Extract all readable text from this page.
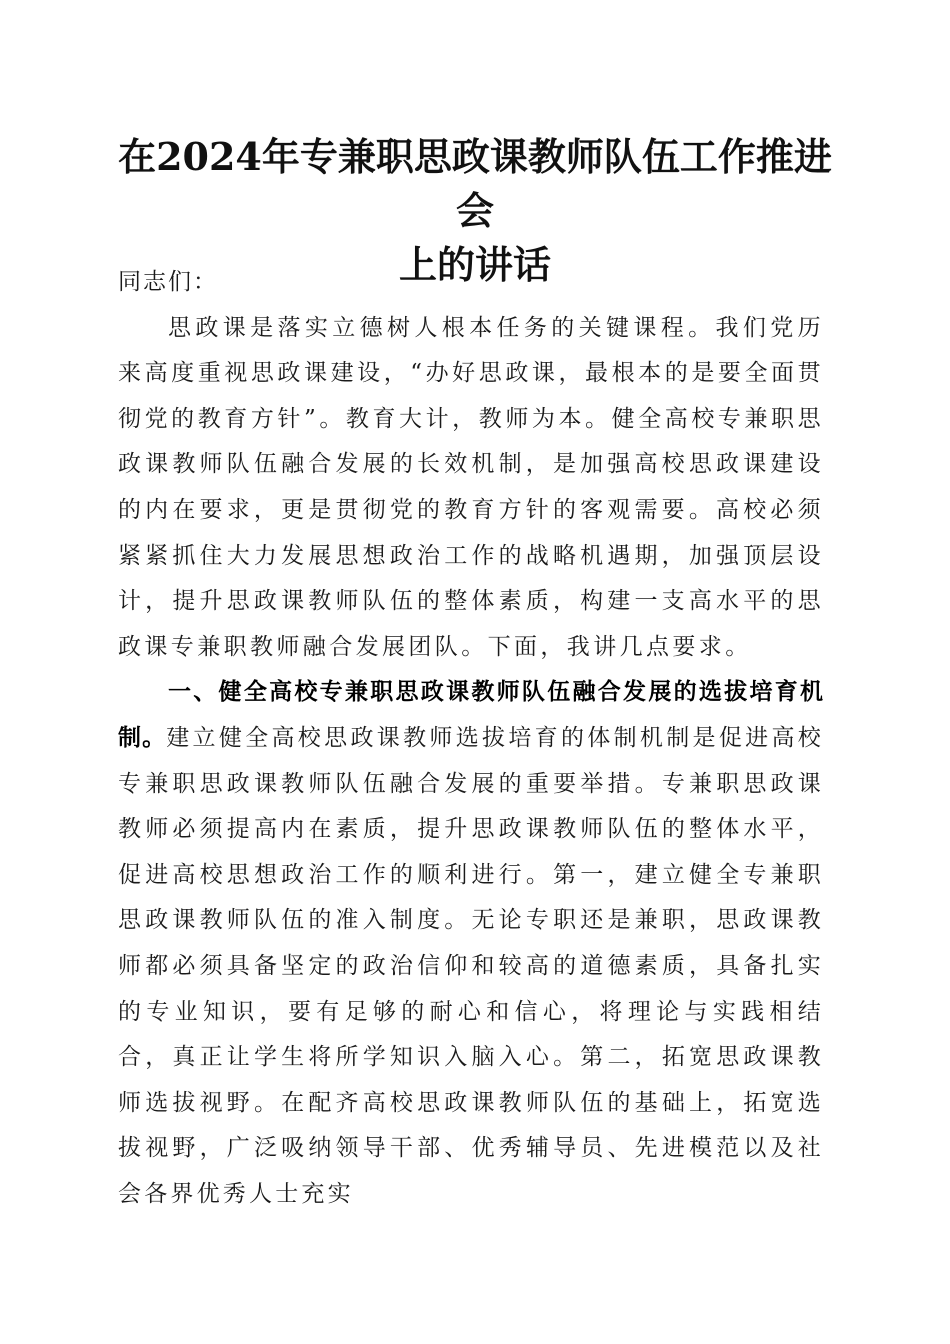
在2024年专兼职思政课教师队伍工作推进会
上的讲话

同志们：

思政课是落实立德树人根本任务的关键课程。我们党历来高度重视思政课建设，“办好思政课，最根本的是要全面贯彻党的教育方针”。教育大计，教师为本。健全高校专兼职思政课教师队伍融合发展的长效机制，是加强高校思政课建设的内在要求，更是贯彻党的教育方针的客观需要。高校必须紧紧抓住大力发展思想政治工作的战略机遇期，加强顶层设计，提升思政课教师队伍的整体素质，构建一支高水平的思政课专兼职教师融合发展团队。下面，我讲几点要求。

一、健全高校专兼职思政课教师队伍融合发展的选拔培育机制。建立健全高校思政课教师选拔培育的体制机制是促进高校专兼职思政课教师队伍融合发展的重要举措。专兼职思政课教师必须提高内在素质，提升思政课教师队伍的整体水平，促进高校思想政治工作的顺利进行。第一，建立健全专兼职思政课教师队伍的准入制度。无论专职还是兼职，思政课教师都必须具备坚定的政治信仰和较高的道德素质，具备扎实的专业知识，要有足够的耐心和信心，将理论与实践相结合，真正让学生将所学知识入脑入心。第二，拓宽思政课教师选拔视野。在配齐高校思政课教师队伍的基础上，拓宽选拔视野，广泛吸纳领导干部、优秀辅导员、先进模范以及社会各界优秀人士充实
